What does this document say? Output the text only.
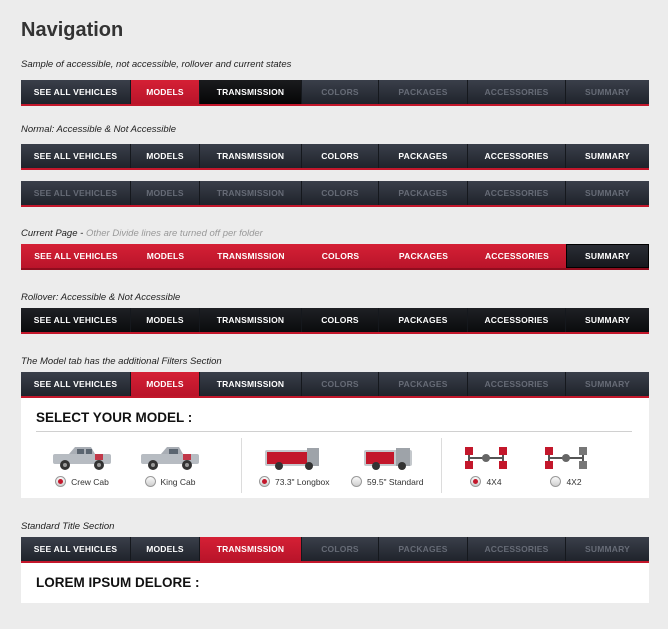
Navigation

Sample of accessible, not accessible, rollover and current states

SEE ALL VEHICLES	MODELS	TRANSMISSION	COLORS	PACKAGES	ACCESSORIES	SUMMARY

Normal: Accessible & Not Accessible

SEE ALL VEHICLES	MODELS	TRANSMISSION	COLORS	PACKAGES	ACCESSORIES	SUMMARY
SEE ALL VEHICLES	MODELS	TRANSMISSION	COLORS	PACKAGES	ACCESSORIES	SUMMARY

Current Page - Other Divide lines are turned off per folder

SEE ALL VEHICLES	MODELS	TRANSMISSION	COLORS	PACKAGES	ACCESSORIES	SUMMARY

Rollover: Accessible & Not Accessible

SEE ALL VEHICLES	MODELS	TRANSMISSION	COLORS	PACKAGES	ACCESSORIES	SUMMARY

The Model tab has the additional Filters Section

SEE ALL VEHICLES	MODELS	TRANSMISSION	COLORS	PACKAGES	ACCESSORIES	SUMMARY
SELECT YOUR MODEL :
Crew Cab	King Cab	73.3" Longbox	59.5" Standard	4X4	4X2

Standard Title Section

SEE ALL VEHICLES	MODELS	TRANSMISSION	COLORS	PACKAGES	ACCESSORIES	SUMMARY
LOREM IPSUM DELORE :
